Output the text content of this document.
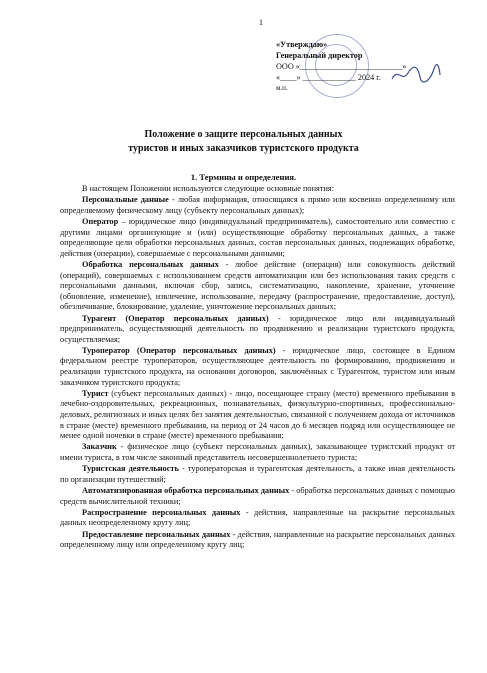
1
«Утверждаю»
Генеральный директор
ООО «_________________________»
«____» _____________ 2024 г.
м.п.
Положение о защите персональных данных
туристов и иных заказчиков туристского продукта
1. Термины и определения.

В настоящем Положении используются следующие основные понятия:

Персональные данные - любая информация, относящаяся к прямо или косвенно определенному или определяемому физическому лицу (субъекту персональных данных);

Оператор – юридическое лицо (индивидуальный предприниматель), самостоятельно или совместно с другими лицами организующие и (или) осуществляющие обработку персональных данных, а также определяющие цели обработки персональных данных, состав персональных данных, подлежащих обработке, действия (операции), совершаемые с персональными данными;

Обработка персональных данных - любое действие (операция) или совокупность действий (операций), совершаемых с использованием средств автоматизации или без использования таких средств с персональными данными, включая сбор, запись, систематизацию, накопление, хранение, уточнение (обновление, изменение), извлечение, использование, передачу (распространение, предоставление, доступ), обезличивание, блокирование, удаление, уничтожение персональных данных;

Турагент (Оператор персональных данных) - юридическое лицо или индивидуальный предприниматель, осуществляющий деятельность по продвижению и реализации туристского продукта, осуществляемая;

Туроператор (Оператор персональных данных) - юридическое лицо, состоящее в Едином федеральном реестре туроператоров, осуществляющее деятельность по формированию, продвижению и реализации туристского продукта, на основании договоров, заключённых с Турагентом, туристом или иным заказчиком туристского продукта;

Турист (субъект персональных данных) - лицо, посещающее страну (место) временного пребывания в лечебно-оздоровительных, рекреационных, познавательных, физкультурно-спортивных, профессионально-деловых, религиозных и иных целях без занятия деятельностью, связанной с получением дохода от источников в стране (месте) временного пребывания, на период от 24 часов до 6 месяцев подряд или осуществляющее не менее одной ночевки в стране (месте) временного пребывания;

Заказчик - физическое лицо (субъект персональных данных), заказывающее туристский продукт от имени туриста, в том числе законный представитель несовершеннолетнего туриста;

Туристская деятельность - туроператорская и турагентская деятельность, а также иная деятельность по организации путешествий;

Автоматизированная обработка персональных данных - обработка персональных данных с помощью средств вычислительной техники;

Распространение персональных данных - действия, направленные на раскрытие персональных данных неопределенному кругу лиц;

Предоставление персональных данных - действия, направленные на раскрытие персональных данных определенному лицу или определенному кругу лиц;
